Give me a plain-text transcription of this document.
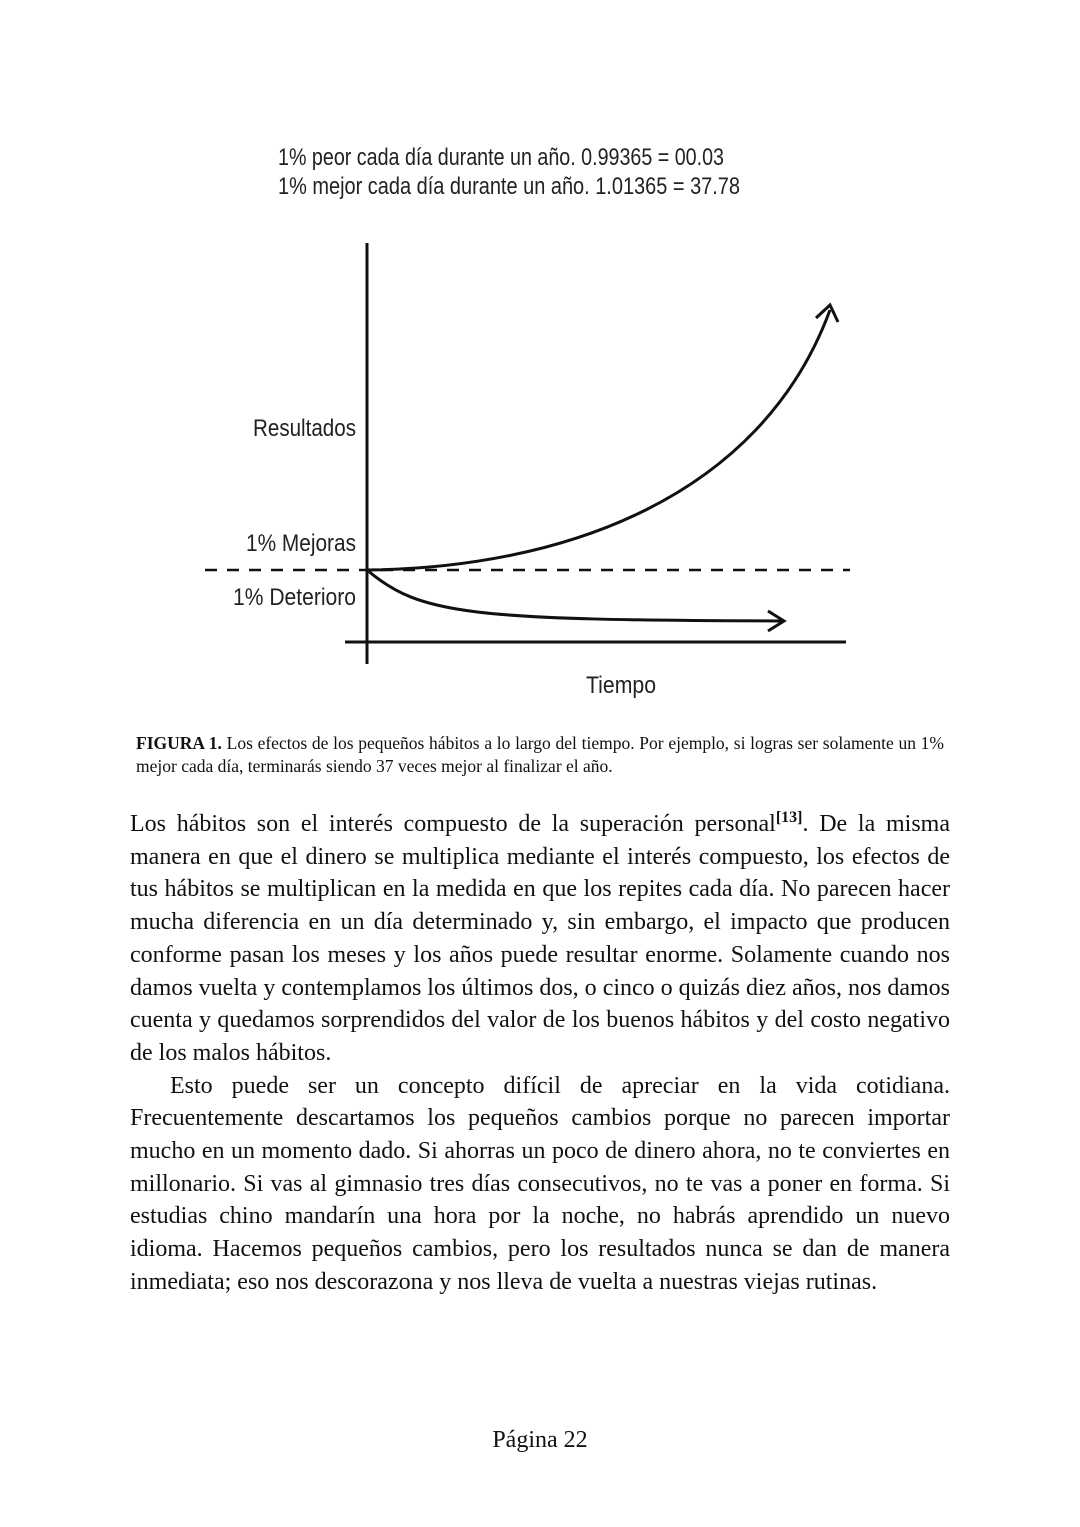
1% peor cada día durante un año. 0.99365 = 00.03
1% mejor cada día durante un año. 1.01365 = 37.78
Resultados
1% Mejoras
1% Deterioro
Tiempo
FIGURA 1. Los efectos de los pequeños hábitos a lo largo del tiempo. Por ejemplo, si logras ser solamente un 1% mejor cada día, terminarás siendo 37 veces mejor al finalizar el año.

Los hábitos son el interés compuesto de la superación personal[13]. De la misma manera en que el dinero se multiplica mediante el interés compuesto, los efectos de tus hábitos se multiplican en la medida en que los repites cada día. No parecen hacer mucha diferencia en un día determinado y, sin embargo, el impacto que producen conforme pasan los meses y los años puede resultar enorme. Solamente cuando nos damos vuelta y contemplamos los últimos dos, o cinco o quizás diez años, nos damos cuenta y quedamos sorprendidos del valor de los buenos hábitos y del costo negativo de los malos hábitos.

Esto puede ser un concepto difícil de apreciar en la vida cotidiana. Frecuentemente descartamos los pequeños cambios porque no parecen importar mucho en un momento dado. Si ahorras un poco de dinero ahora, no te conviertes en millonario. Si vas al gimnasio tres días consecutivos, no te vas a poner en forma. Si estudias chino mandarín una hora por la noche, no habrás aprendido un nuevo idioma. Hacemos pequeños cambios, pero los resultados nunca se dan de manera inmediata; eso nos descorazona y nos lleva de vuelta a nuestras viejas rutinas.

Página 22
